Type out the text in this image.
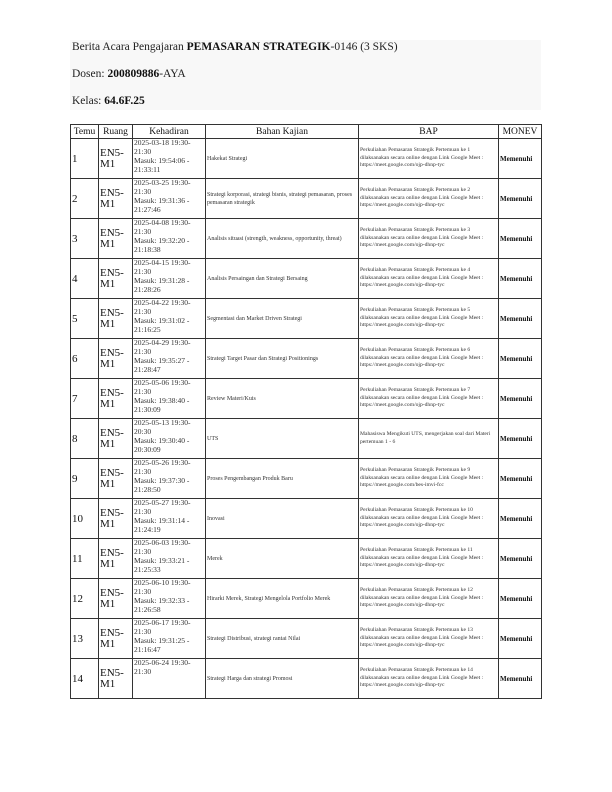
Berita Acara Pengajaran PEMASARAN STRATEGIK-0146 (3 SKS)
Dosen: 200809886-AYA
Kelas: 64.6F.25
Temu	Ruang	Kehadiran	Bahan Kajian	BAP	MONEV
1	EN5-M1	2025-03-18 19:30-21:30
Masuk: 19:54:06 - 21:33:11	Hakekat Strategi	Perkuliahan Pemasaran Strategik Pertemuan ke 1 dilaksanakan secara online dengan Link Google Meet : https://meet.google.com/ojp-dhnp-tyc	Memenuhi
2	EN5-M1	2025-03-25 19:30-21:30
Masuk: 19:31:36 - 21:27:46	Strategi korporasi, strategi bisnis, strategi pemasaran, proses pemasaran strategik	Perkuliahan Pemasaran Strategik Pertemuan ke 2 dilaksanakan secara online dengan Link Google Meet : https://meet.google.com/ojp-dhnp-tyc	Memenuhi
3	EN5-M1	2025-04-08 19:30-21:30
Masuk: 19:32:20 - 21:18:38	Analisis situasi (strength, weakness, opportunity, threat)	Perkuliahan Pemasaran Strategik Pertemuan ke 3 dilaksanakan secara online dengan Link Google Meet : https://meet.google.com/ojp-dhnp-tyc	Memenuhi
4	EN5-M1	2025-04-15 19:30-21:30
Masuk: 19:31:28 - 21:28:26	Analisis Persaingan dan Strategi Bersaing	Perkuliahan Pemasaran Strategik Pertemuan ke 4 dilaksanakan secara online dengan Link Google Meet : https://meet.google.com/ojp-dhnp-tyc	Memenuhi
5	EN5-M1	2025-04-22 19:30-21:30
Masuk: 19:31:02 - 21:16:25	Segmentasi dan Market Driven Strategi	Perkuliahan Pemasaran Strategik Pertemuan ke 5 dilaksanakan secara online dengan Link Google Meet : https://meet.google.com/ojp-dhnp-tyc	Memenuhi
6	EN5-M1	2025-04-29 19:30-21:30
Masuk: 19:35:27 - 21:28:47	Strategi Target Pasar dan Strategi Positionings	Perkuliahan Pemasaran Strategik Pertemuan ke 6 dilaksanakan secara online dengan Link Google Meet : https://meet.google.com/ojp-dhnp-tyc	Memenuhi
7	EN5-M1	2025-05-06 19:30-21:30
Masuk: 19:38:40 - 21:30:09	Review Materi/Kuis	Perkuliahan Pemasaran Strategik Pertemuan ke 7 dilaksanakan secara online dengan Link Google Meet : https://meet.google.com/ojp-dhnp-tyc	Memenuhi
8	EN5-M1	2025-05-13 19:30-20:30
Masuk: 19:30:40 - 20:30:09	UTS	Mahasiswa Mengikuti UTS, mengerjakan soal dari Materi pertemuan 1 - 6	Memenuhi
9	EN5-M1	2025-05-26 19:30-21:30
Masuk: 19:37:30 - 21:28:50	Proses Pengembangan Produk Baru	Perkuliahan Pemasaran Strategik Pertemuan ke 9 dilaksanakan secara online dengan Link Google Meet : https://meet.google.com/bes-imvi-fcc	Memenuhi
10	EN5-M1	2025-05-27 19:30-21:30
Masuk: 19:31:14 - 21:24:19	Inovasi	Perkuliahan Pemasaran Strategik Pertemuan ke 10 dilaksanakan secara online dengan Link Google Meet : https://meet.google.com/ojp-dhnp-tyc	Memenuhi
11	EN5-M1	2025-06-03 19:30-21:30
Masuk: 19:33:21 - 21:25:33	Merek	Perkuliahan Pemasaran Strategik Pertemuan ke 11 dilaksanakan secara online dengan Link Google Meet : https://meet.google.com/ojp-dhnp-tyc	Memenuhi
12	EN5-M1	2025-06-10 19:30-21:30
Masuk: 19:32:33 - 21:26:58	Hirarki Merek, Strategi Mengelola Portfolio Merek	Perkuliahan Pemasaran Strategik Pertemuan ke 12 dilaksanakan secara online dengan Link Google Meet : https://meet.google.com/ojp-dhnp-tyc	Memenuhi
13	EN5-M1	2025-06-17 19:30-21:30
Masuk: 19:31:25 - 21:16:47	Strategi Distribusi, strategi rantai Nilai	Perkuliahan Pemasaran Strategik Pertemuan ke 13 dilaksanakan secara online dengan Link Google Meet : https://meet.google.com/ojp-dhnp-tyc	Memenuhi
14	EN5-M1	2025-06-24 19:30-21:30	Strategi Harga dan strategi Promosi	Perkuliahan Pemasaran Strategik Pertemuan ke 14 dilaksanakan secara online dengan Link Google Meet : https://meet.google.com/ojp-dhnp-tyc	Memenuhi
